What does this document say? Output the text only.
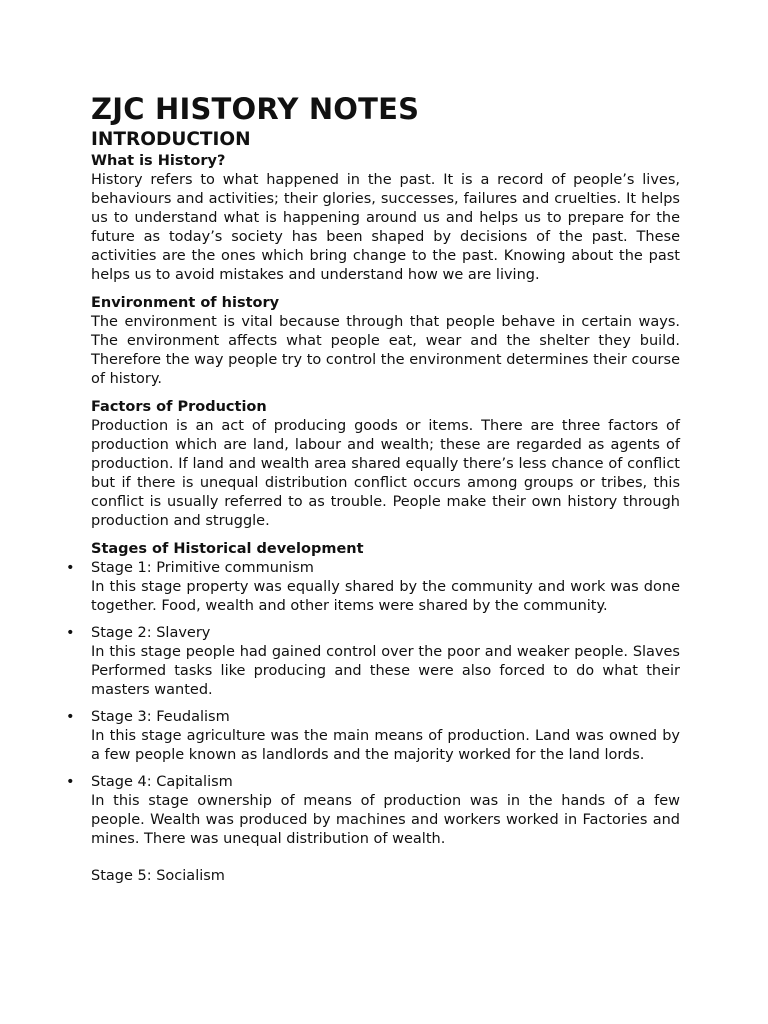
ZJC HISTORY NOTES
INTRODUCTION
What is History?

History refers to what happened in the past. It is a record of people’s lives, behaviours and activities; their glories, successes, failures and cruelties. It helps us to understand what is happening around us and helps us to prepare for the future as today’s society has been shaped by decisions of the past. These activities are the ones which bring change to the past. Knowing about the past helps us to avoid mistakes and understand how we are living.

Environment of history

The environment is vital because through that people behave in certain ways. The environment affects what people eat, wear and the shelter they build. Therefore the way people try to control the environment determines their course of history.

Factors of Production

Production is an act of producing goods or items. There are three factors of production which are land, labour and wealth; these are regarded as agents of production. If land and wealth area shared equally there’s less chance of conflict but if there is unequal distribution conflict occurs among groups or tribes, this conflict is usually referred to as trouble. People make their own history through production and struggle.

Stages of Historical development
• Stage 1: Primitive communism

In this stage property was equally shared by the community and work was done together. Food, wealth and other items were shared by the community.

• Stage 2: Slavery

In this stage people had gained control over the poor and weaker people. Slaves Performed tasks like producing and these were also forced to do what their masters wanted.

• Stage 3: Feudalism

In this stage agriculture was the main means of production. Land was owned by a few people known as landlords and the majority worked for the land lords.

• Stage 4: Capitalism

In this stage ownership of means of production was in the hands of a few people. Wealth was produced by machines and workers worked in Factories and mines. There was unequal distribution of wealth.

Stage 5: Socialism
